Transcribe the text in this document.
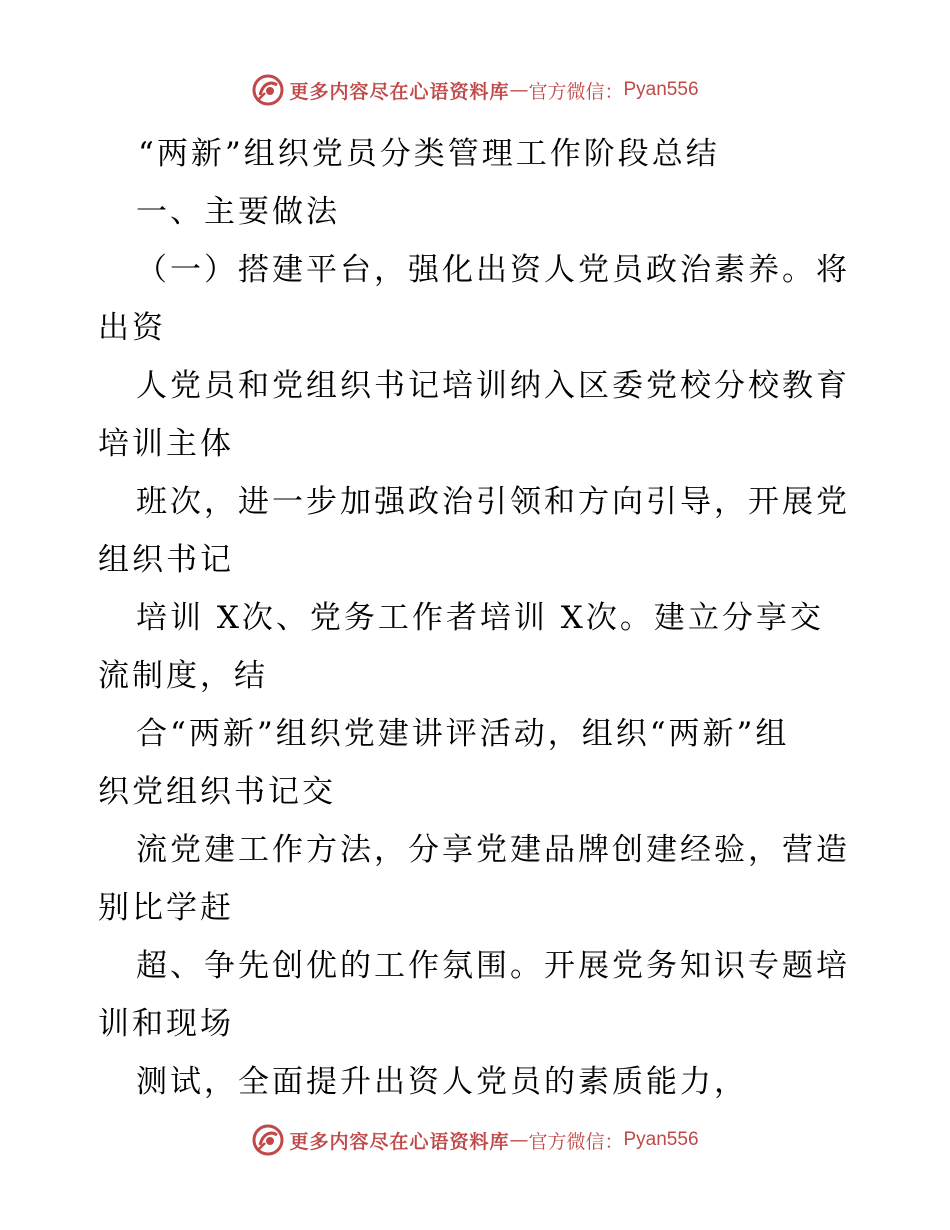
更多内容尽在心语资料库 — 官方微信： Pyan556
“两新”组织党员分类管理工作阶段总结
一、主要做法
（一）搭建平台，强化出资人党员政治素养。将
出资
人党员和党组织书记培训纳入区委党校分校教育
培训主体
班次，进一步加强政治引领和方向引导，开展党
组织书记
培训 X次、党务工作者培训 X次。建立分享交
流制度，结
合“两新”组织党建讲评活动，组织“两新”组
织党组织书记交
流党建工作方法，分享党建品牌创建经验，营造
别比学赶
超、争先创优的工作氛围。开展党务知识专题培
训和现场
测试，全面提升出资人党员的素质能力，
更多内容尽在心语资料库 — 官方微信： Pyan556
